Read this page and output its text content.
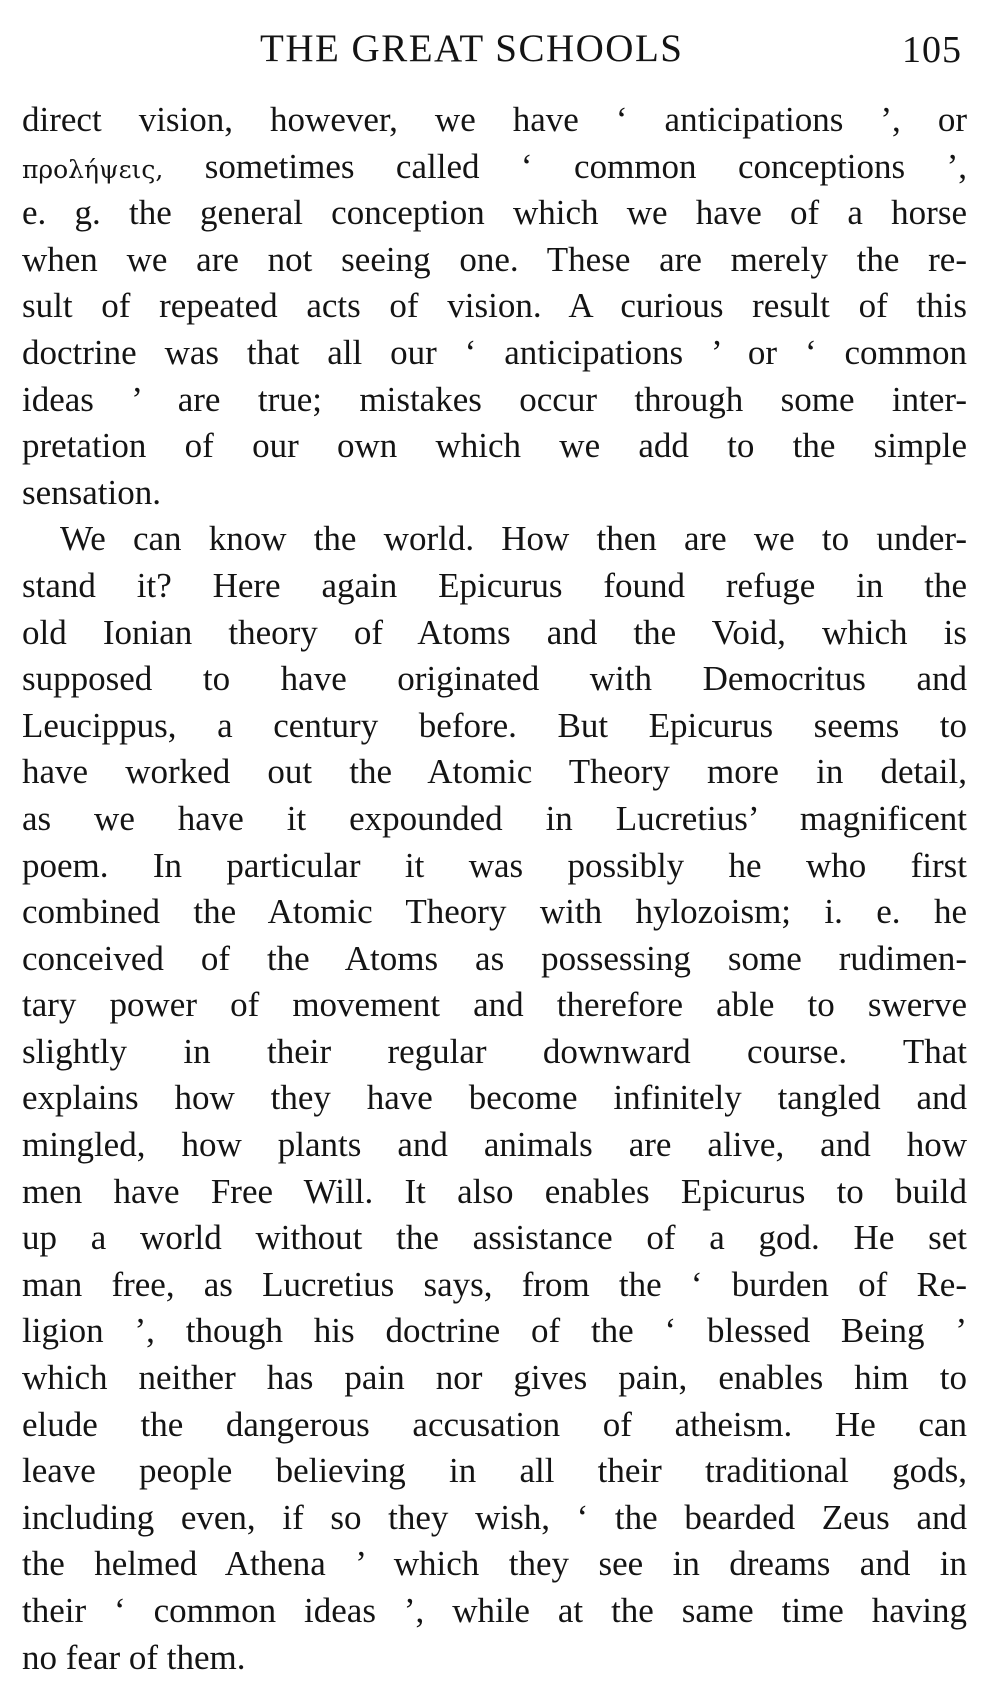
THE GREAT SCHOOLS	105
direct vision, however, we have ‘ anticipations ’, or
προλήψεις, sometimes called ‘ common conceptions ’,
e. g. the general conception which we have of a horse
when we are not seeing one. These are merely the re-
sult of repeated acts of vision. A curious result of this
doctrine was that all our ‘ anticipations ’ or ‘ common
ideas ’ are true; mistakes occur through some inter-
pretation of our own which we add to the simple
sensation.
We can know the world. How then are we to under-
stand it? Here again Epicurus found refuge in the
old Ionian theory of Atoms and the Void, which is
supposed to have originated with Democritus and
Leucippus, a century before. But Epicurus seems to
have worked out the Atomic Theory more in detail,
as we have it expounded in Lucretius’ magnificent
poem. In particular it was possibly he who first
combined the Atomic Theory with hylozoism; i. e. he
conceived of the Atoms as possessing some rudimen-
tary power of movement and therefore able to swerve
slightly in their regular downward course. That
explains how they have become infinitely tangled and
mingled, how plants and animals are alive, and how
men have Free Will. It also enables Epicurus to build
up a world without the assistance of a god. He set
man free, as Lucretius says, from the ‘ burden of Re-
ligion ’, though his doctrine of the ‘ blessed Being ’
which neither has pain nor gives pain, enables him to
elude the dangerous accusation of atheism. He can
leave people believing in all their traditional gods,
including even, if so they wish, ‘ the bearded Zeus and
the helmed Athena ’ which they see in dreams and in
their ‘ common ideas ’, while at the same time having
no fear of them.
